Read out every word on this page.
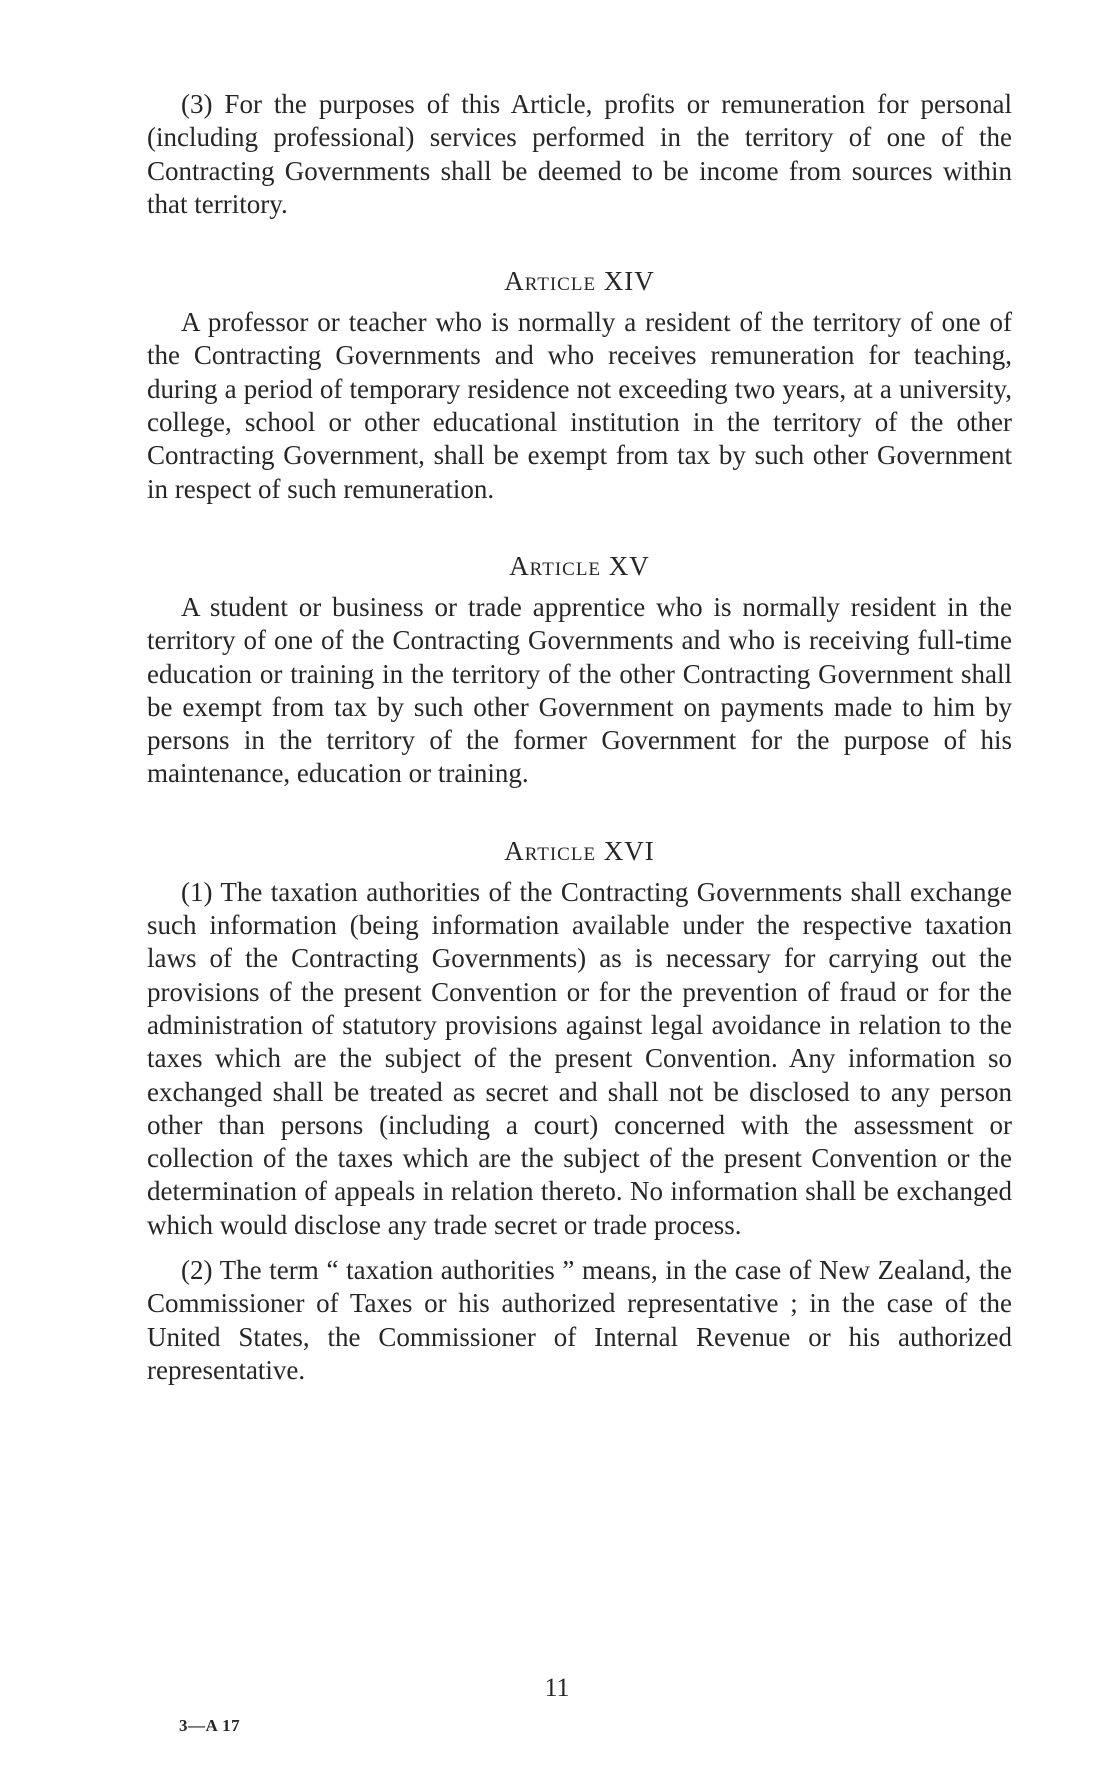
(3) For the purposes of this Article, profits or remuneration for personal (including professional) services performed in the territory of one of the Contracting Governments shall be deemed to be income from sources within that territory.

Article XIV

A professor or teacher who is normally a resident of the territory of one of the Contracting Governments and who receives remuneration for teaching, during a period of temporary residence not exceeding two years, at a university, college, school or other educational institution in the territory of the other Contracting Government, shall be exempt from tax by such other Government in respect of such remuneration.

Article XV

A student or business or trade apprentice who is normally resident in the territory of one of the Contracting Governments and who is receiving full-time education or training in the territory of the other Contracting Government shall be exempt from tax by such other Government on payments made to him by persons in the territory of the former Government for the purpose of his maintenance, education or training.

Article XVI

(1) The taxation authorities of the Contracting Governments shall exchange such information (being information available under the respective taxation laws of the Contracting Governments) as is necessary for carrying out the provisions of the present Convention or for the prevention of fraud or for the administration of statutory provisions against legal avoidance in relation to the taxes which are the subject of the present Convention. Any information so exchanged shall be treated as secret and shall not be disclosed to any person other than persons (including a court) concerned with the assessment or collection of the taxes which are the subject of the present Convention or the determination of appeals in relation thereto. No information shall be exchanged which would disclose any trade secret or trade process.

(2) The term “ taxation authorities ” means, in the case of New Zealand, the Commissioner of Taxes or his authorized representative ; in the case of the United States, the Commissioner of Internal Revenue or his authorized representative.

11
3—A 17
